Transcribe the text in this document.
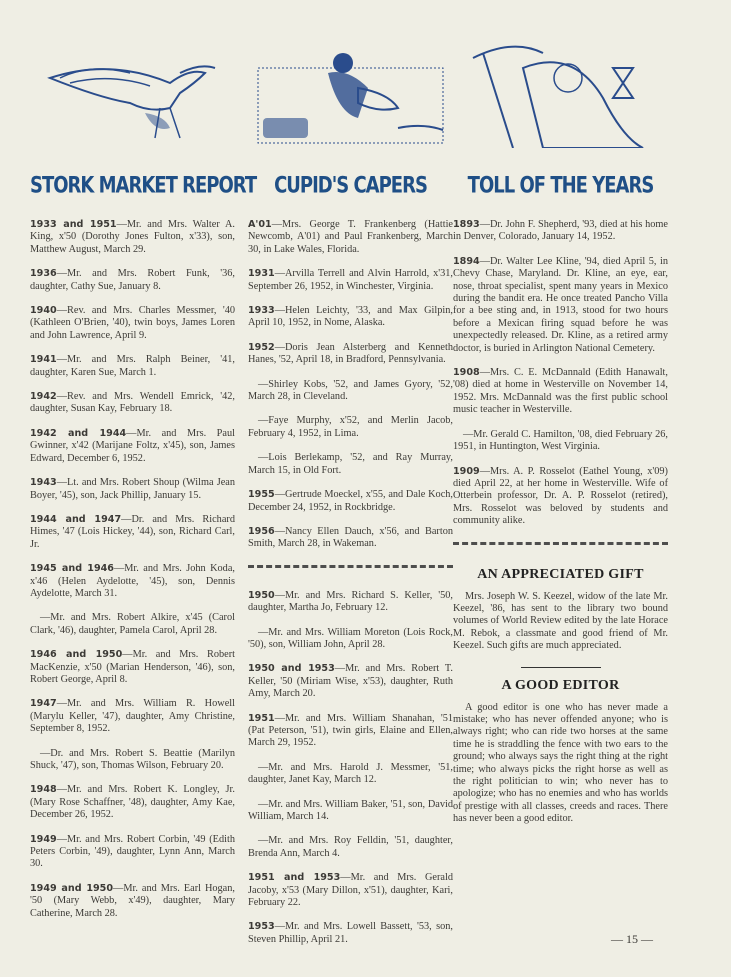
STORK MARKET REPORT

1933 and 1951—Mr. and Mrs. Walter A. King, x'50 (Dorothy Jones Fulton, x'33), son, Matthew August, March 29.

1936—Mr. and Mrs. Robert Funk, '36, daughter, Cathy Sue, January 8.

1940—Rev. and Mrs. Charles Messmer, '40 (Kathleen O'Brien, '40), twin boys, James Loren and John Lawrence, April 9.

1941—Mr. and Mrs. Ralph Beiner, '41, daughter, Karen Sue, March 1.

1942—Rev. and Mrs. Wendell Emrick, '42, daughter, Susan Kay, February 18.

1942 and 1944—Mr. and Mrs. Paul Gwinner, x'42 (Marijane Foltz, x'45), son, James Edward, December 6, 1952.

1943—Lt. and Mrs. Robert Shoup (Wilma Jean Boyer, '45), son, Jack Phillip, January 15.

1944 and 1947—Dr. and Mrs. Richard Himes, '47 (Lois Hickey, '44), son, Richard Carl, Jr.

1945 and 1946—Mr. and Mrs. John Koda, x'46 (Helen Aydelotte, '45), son, Dennis Aydelotte, March 31.

—Mr. and Mrs. Robert Alkire, x'45 (Carol Clark, '46), daughter, Pamela Carol, April 28.

1946 and 1950—Mr. and Mrs. Robert MacKenzie, x'50 (Marian Henderson, '46), son, Robert George, April 8.

1947—Mr. and Mrs. William R. Howell (Marylu Keller, '47), daughter, Amy Christine, September 8, 1952.

—Dr. and Mrs. Robert S. Beattie (Marilyn Shuck, '47), son, Thomas Wilson, February 20.

1948—Mr. and Mrs. Robert K. Longley, Jr. (Mary Rose Schaffner, '48), daughter, Amy Kae, December 26, 1952.

1949—Mr. and Mrs. Robert Corbin, '49 (Edith Peters Corbin, '49), daughter, Lynn Ann, March 30.

1949 and 1950—Mr. and Mrs. Earl Hogan, '50 (Mary Webb, x'49), daughter, Mary Catherine, March 28.

CUPID'S CAPERS

A'01—Mrs. George T. Frankenberg (Hattie Newcomb, A'01) and Paul Frankenberg, March 30, in Lake Wales, Florida.

1931—Arvilla Terrell and Alvin Harrold, x'31, September 26, 1952, in Winchester, Virginia.

1933—Helen Leichty, '33, and Max Gilpin, April 10, 1952, in Nome, Alaska.

1952—Doris Jean Alsterberg and Kenneth Hanes, '52, April 18, in Bradford, Pennsylvania.

—Shirley Kobs, '52, and James Gyory, '52, March 28, in Cleveland.

—Faye Murphy, x'52, and Merlin Jacob, February 4, 1952, in Lima.

—Lois Berlekamp, '52, and Ray Murray, March 15, in Old Fort.

1955—Gertrude Moeckel, x'55, and Dale Koch, December 24, 1952, in Rockbridge.

1956—Nancy Ellen Dauch, x'56, and Barton Smith, March 28, in Wakeman.

1950—Mr. and Mrs. Richard S. Keller, '50, daughter, Martha Jo, February 12.

—Mr. and Mrs. William Moreton (Lois Rock, '50), son, William John, April 28.

1950 and 1953—Mr. and Mrs. Robert T. Keller, '50 (Miriam Wise, x'53), daughter, Ruth Amy, March 20.

1951—Mr. and Mrs. William Shanahan, '51 (Pat Peterson, '51), twin girls, Elaine and Ellen, March 29, 1952.

—Mr. and Mrs. Harold J. Messmer, '51, daughter, Janet Kay, March 12.

—Mr. and Mrs. William Baker, '51, son, David William, March 14.

—Mr. and Mrs. Roy Felldin, '51, daughter, Brenda Ann, March 4.

1951 and 1953—Mr. and Mrs. Gerald Jacoby, x'53 (Mary Dillon, x'51), daughter, Kari, February 22.

1953—Mr. and Mrs. Lowell Bassett, '53, son, Steven Phillip, April 21.

TOLL OF THE YEARS

1893—Dr. John F. Shepherd, '93, died at his home in Denver, Colorado, January 14, 1952.

1894—Dr. Walter Lee Kline, '94, died April 5, in Chevy Chase, Maryland. Dr. Kline, an eye, ear, nose, throat specialist, spent many years in Mexico during the bandit era. He once treated Pancho Villa for a bee sting and, in 1913, stood for two hours before a Mexican firing squad before he was unexpectedly released. Dr. Kline, as a retired army doctor, is buried in Arlington National Cemetery.

1908—Mrs. C. E. McDannald (Edith Hanawalt, '08) died at home in Westerville on November 14, 1952. Mrs. McDannald was the first public school music teacher in Westerville.

—Mr. Gerald C. Hamilton, '08, died February 26, 1951, in Huntington, West Virginia.

1909—Mrs. A. P. Rosselot (Eathel Young, x'09) died April 22, at her home in Westerville. Wife of Otterbein professor, Dr. A. P. Rosselot (retired), Mrs. Rosselot was beloved by students and community alike.

AN APPRECIATED GIFT

Mrs. Joseph W. S. Keezel, widow of the late Mr. Keezel, '86, has sent to the library two bound volumes of World Review edited by the late Horace M. Rebok, a classmate and good friend of Mr. Keezel. Such gifts are much appreciated.

A GOOD EDITOR

A good editor is one who has never made a mistake; who has never offended anyone; who is always right; who can ride two horses at the same time he is straddling the fence with two ears to the ground; who always says the right thing at the right time; who always picks the right horse as well as the right politician to win; who never has to apologize; who has no enemies and who has worlds of prestige with all classes, creeds and races. There has never been a good editor.

— 15 —
